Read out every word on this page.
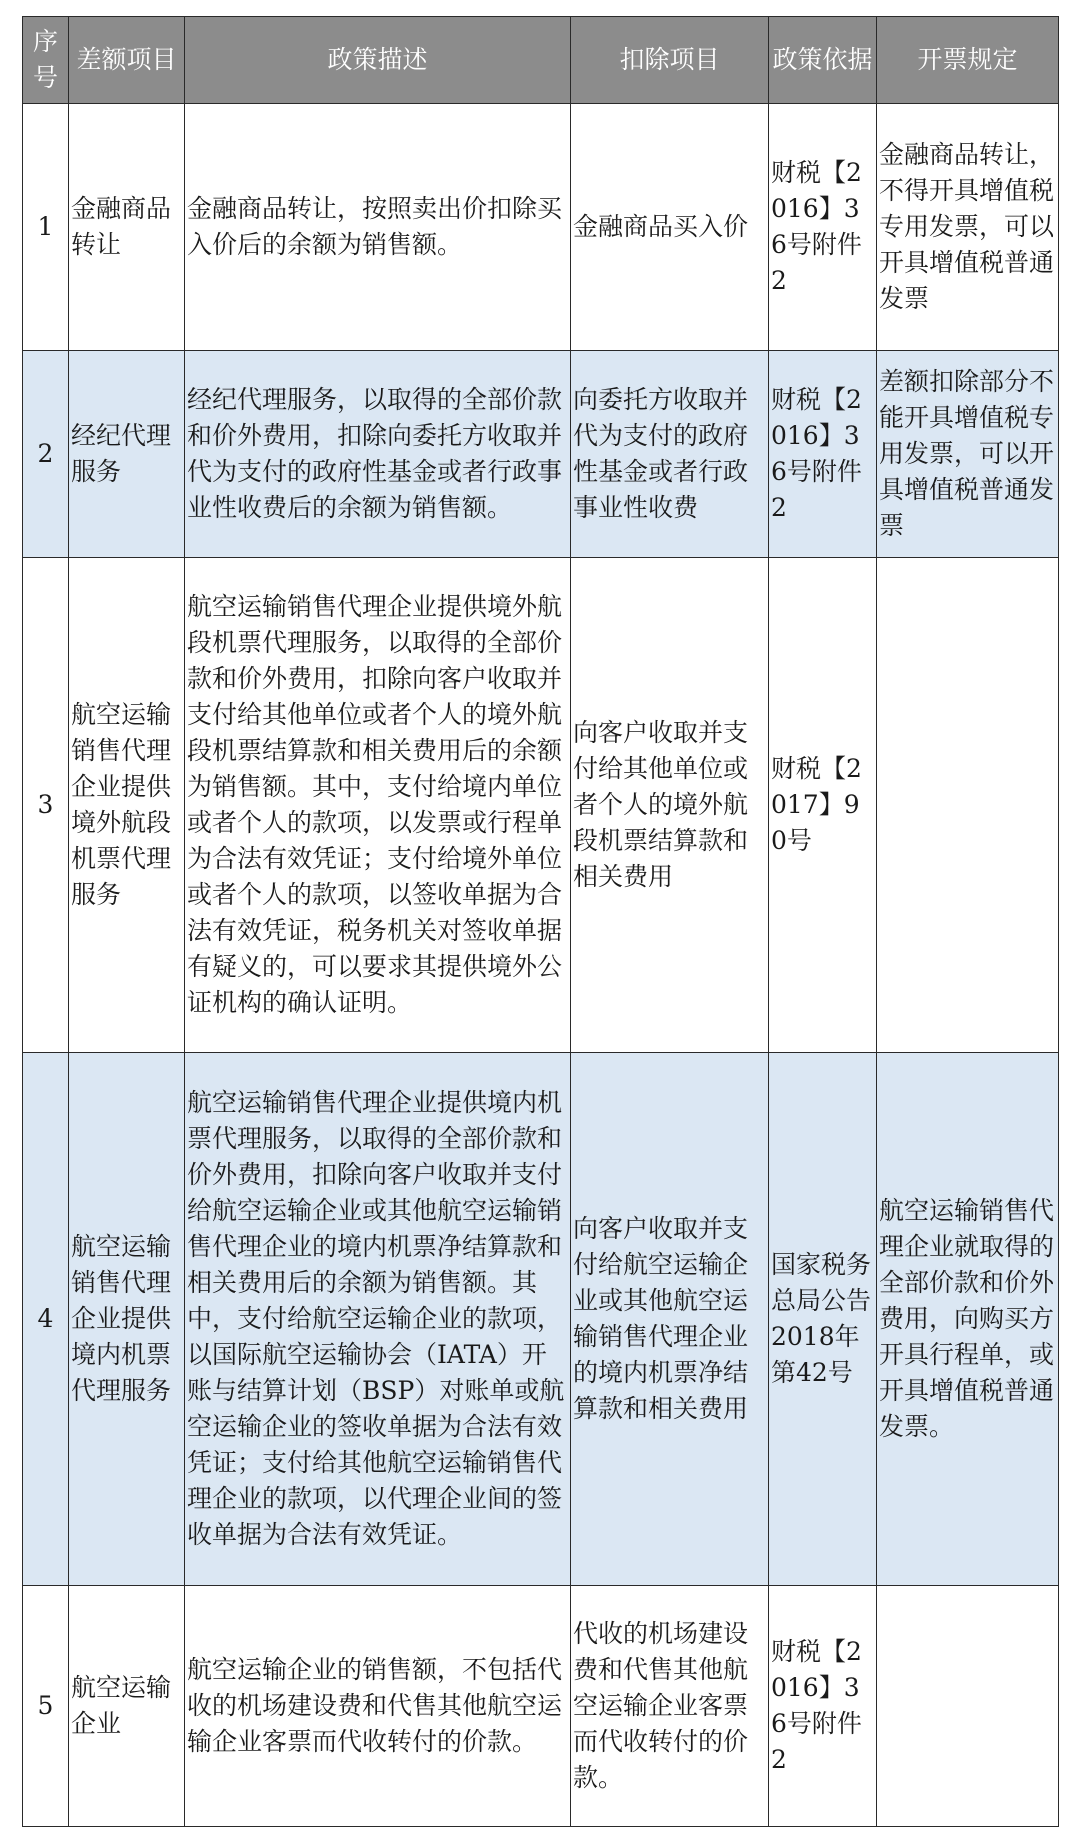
序号	差额项目	政策描述	扣除项目	政策依据	开票规定
1	金融商品转让	金融商品转让，按照卖出价扣除买入价后的余额为销售额。	金融商品买入价	财税【2016】36号附件2	金融商品转让，不得开具增值税专用发票，可以开具增值税普通发票
2	经纪代理服务	经纪代理服务，以取得的全部价款和价外费用，扣除向委托方收取并代为支付的政府性基金或者行政事业性收费后的余额为销售额。	向委托方收取并代为支付的政府性基金或者行政事业性收费	财税【2016】36号附件2	差额扣除部分不能开具增值税专用发票，可以开具增值税普通发票
3	航空运输销售代理企业提供境外航段机票代理服务	航空运输销售代理企业提供境外航段机票代理服务，以取得的全部价款和价外费用，扣除向客户收取并支付给其他单位或者个人的境外航段机票结算款和相关费用后的余额为销售额。其中，支付给境内单位或者个人的款项，以发票或行程单为合法有效凭证；支付给境外单位或者个人的款项，以签收单据为合法有效凭证，税务机关对签收单据有疑义的，可以要求其提供境外公证机构的确认证明。	向客户收取并支付给其他单位或者个人的境外航段机票结算款和相关费用	财税【2017】90号	
4	航空运输销售代理企业提供境内机票代理服务	航空运输销售代理企业提供境内机票代理服务，以取得的全部价款和价外费用，扣除向客户收取并支付给航空运输企业或其他航空运输销售代理企业的境内机票净结算款和相关费用后的余额为销售额。其中，支付给航空运输企业的款项，以国际航空运输协会（IATA）开账与结算计划（BSP）对账单或航空运输企业的签收单据为合法有效凭证；支付给其他航空运输销售代理企业的款项，以代理企业间的签收单据为合法有效凭证。	向客户收取并支付给航空运输企业或其他航空运输销售代理企业的境内机票净结算款和相关费用	国家税务总局公告2018年第42号	航空运输销售代理企业就取得的全部价款和价外费用，向购买方开具行程单，或开具增值税普通发票。
5	航空运输企业	航空运输企业的销售额，不包括代收的机场建设费和代售其他航空运输企业客票而代收转付的价款。	代收的机场建设费和代售其他航空运输企业客票而代收转付的价款。	财税【2016】36号附件2	
